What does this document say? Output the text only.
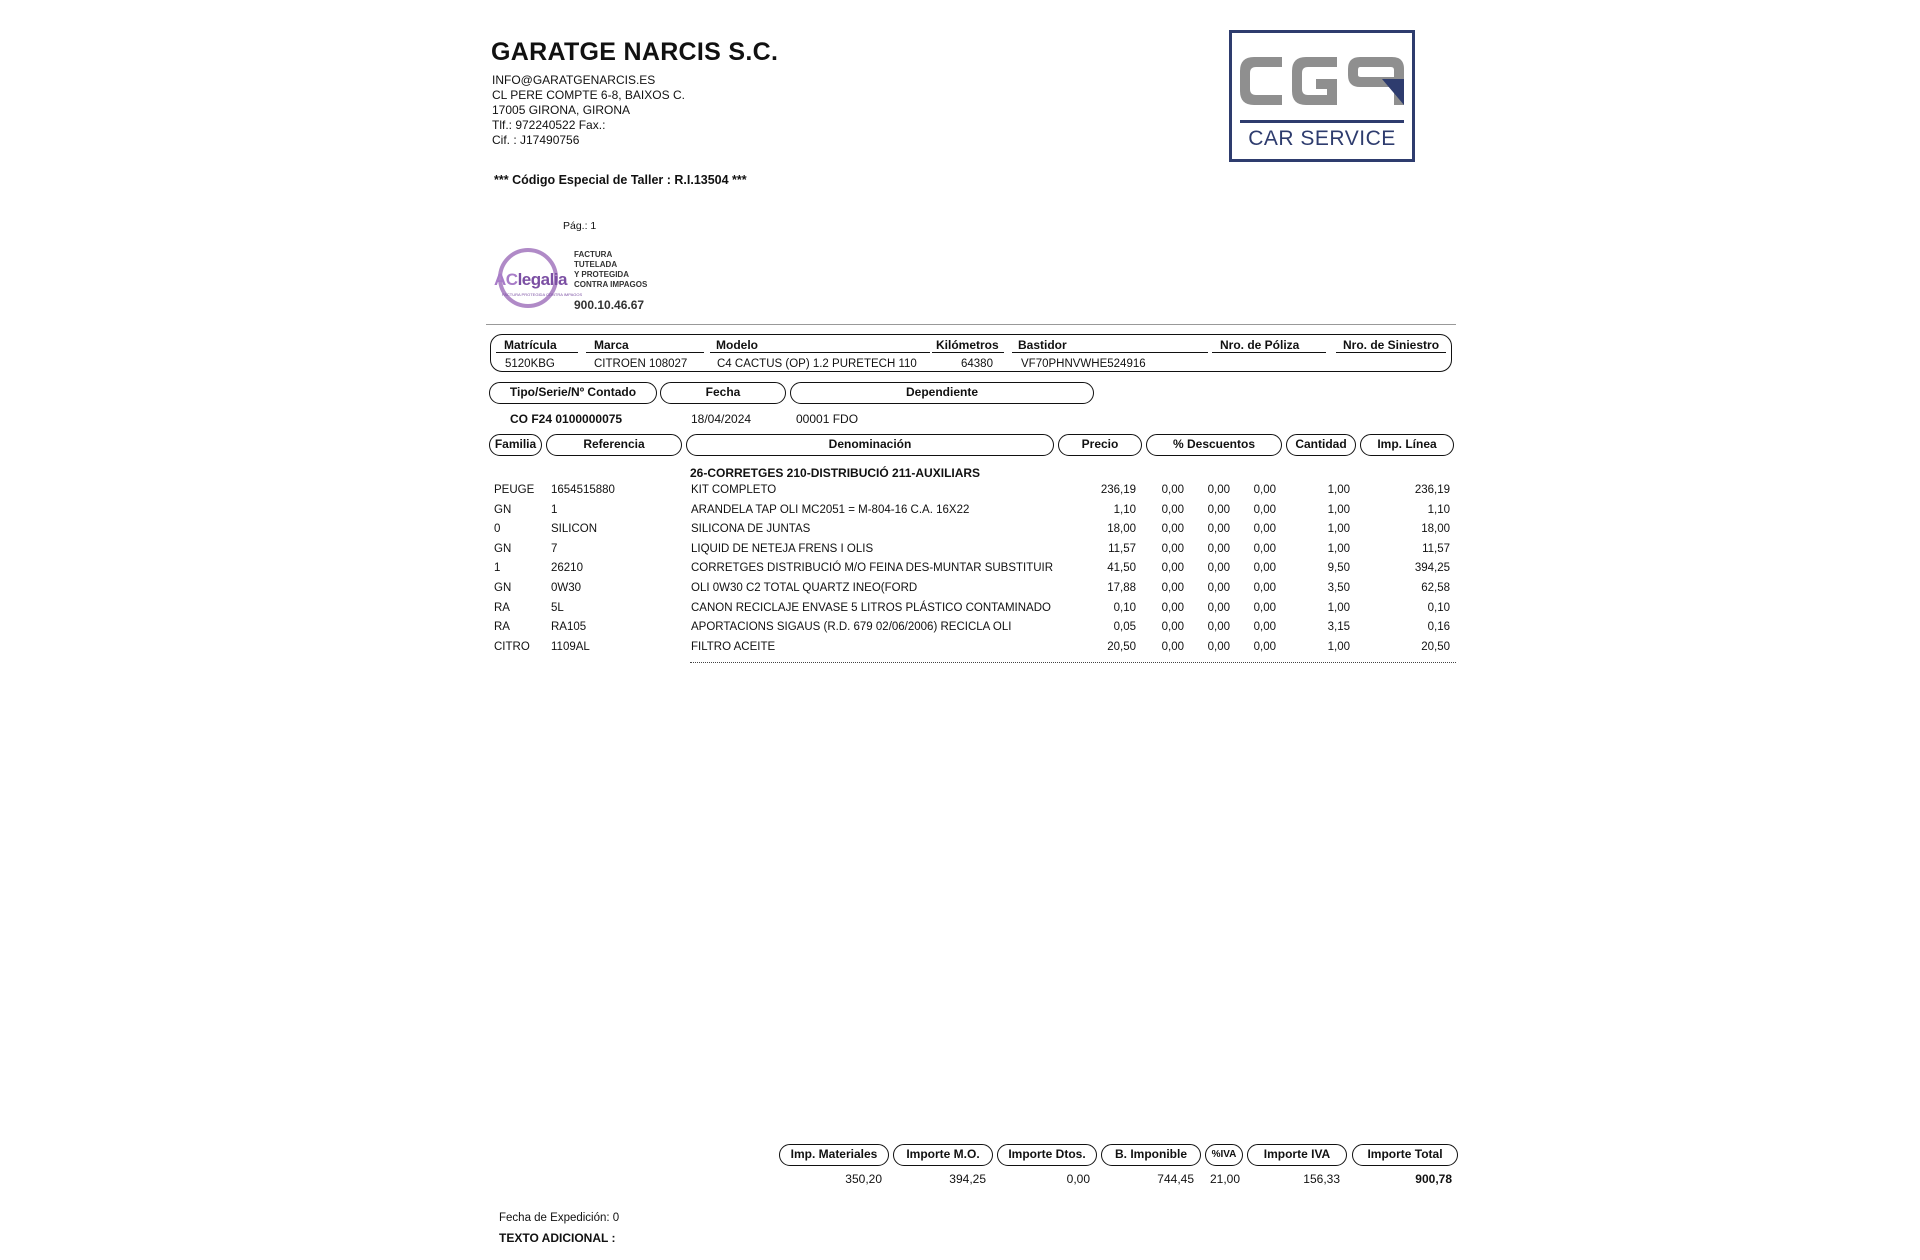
GARATGE NARCIS S.C.
INFO@GARATGENARCIS.ES
CL PERE COMPTE 6-8, BAIXOS C.
17005 GIRONA, GIRONA
Tlf.: 972240522 Fax.:
Cif. : J17490756
*** Código Especial de Taller : R.I.13504 ***
Pág.: 1
AClegalia
FACTURA PROTEGIDA CONTRA IMPAGOS
FACTURA
TUTELADA
Y PROTEGIDA
CONTRA IMPAGOS
900.10.46.67
CAR SERVICE
Matrícula	Marca	Modelo	Kilómetros Bastidor	Nro. de Póliza	Nro. de Siniestro
5120KBG	CITROEN 108027	C4 CACTUS (OP) 1.2 PURETECH 110	64380 VF70PHNVWHE524916
Tipo/Serie/Nº Contado	Fecha	Dependiente
CO F24 0100000075	18/04/2024	00001 FDO
Familia	Referencia	Denominación	Precio	% Descuentos	Cantidad	Imp. Línea
26-CORRETGES 210-DISTRIBUCIÓ 211-AUXILIARS
PEUGE 1654515880	KIT COMPLETO	236,19	0,00	0,00	0,00	1,00	236,19
GN	1	ARANDELA TAP OLI MC2051 = M-804-16 C.A. 16X22	1,10	0,00	0,00	0,00	1,00	1,10
0	SILICON	SILICONA DE JUNTAS	18,00	0,00	0,00	0,00	1,00	18,00
GN	7	LIQUID DE NETEJA FRENS I OLIS	11,57	0,00	0,00	0,00	1,00	11,57
1	26210	CORRETGES DISTRIBUCIÓ M/O FEINA DES-MUNTAR SUBSTITUIR	41,50	0,00	0,00	0,00	9,50	394,25
GN	0W30	OLI 0W30 C2 TOTAL QUARTZ INEO(FORD	17,88	0,00	0,00	0,00	3,50	62,58
RA	5L	CANON RECICLAJE ENVASE 5 LITROS PLÁSTICO CONTAMINADO	0,10	0,00	0,00	0,00	1,00	0,10
RA	RA105	APORTACIONS SIGAUS (R.D. 679 02/06/2006) RECICLA OLI	0,05	0,00	0,00	0,00	3,15	0,16
CITRO 1109AL	FILTRO ACEITE	20,50	0,00	0,00	0,00	1,00	20,50
Imp. Materiales	Importe M.O.	Importe Dtos.	B. Imponible	%IVA	Importe IVA	Importe Total
350,20	394,25	0,00	744,45	21,00	156,33	900,78
Fecha de Expedición: 0
TEXTO ADICIONAL :
